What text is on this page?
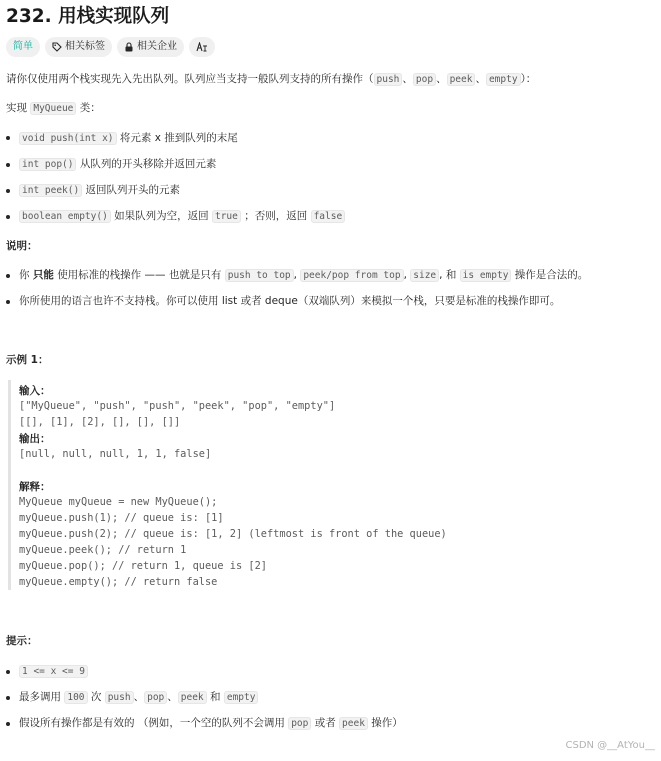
232. 用栈实现队列
简单	相关标签	相关企业
请你仅使用两个栈实现先入先出队列。队列应当支持一般队列支持的所有操作（ push 、 pop 、 peek 、 empty ）：
实现 MyQueue 类：
void push(int x) 将元素 x 推到队列的末尾
int pop() 从队列的开头移除并返回元素
int peek() 返回队列开头的元素
boolean empty() 如果队列为空，返回 true ；否则，返回 false
说明：
你 只能 使用标准的栈操作 —— 也就是只有 push to top , peek/pop from top , size , 和 is empty 操作是合法的。
你所使用的语言也许不支持栈。你可以使用 list 或者 deque（双端队列）来模拟一个栈，只要是标准的栈操作即可。
示例 1：
输入：
["MyQueue", "push", "push", "peek", "pop", "empty"]
[[], [1], [2], [], [], []]
输出：
[null, null, null, 1, 1, false]
解释：
MyQueue myQueue = new MyQueue();
myQueue.push(1); // queue is: [1]
myQueue.push(2); // queue is: [1, 2] (leftmost is front of the queue)
myQueue.peek(); // return 1
myQueue.pop(); // return 1, queue is [2]
myQueue.empty(); // return false
提示：
1 <= x <= 9
最多调用 100 次 push 、 pop 、 peek 和 empty
假设所有操作都是有效的 （例如，一个空的队列不会调用 pop 或者 peek 操作）
CSDN @__AtYou__
